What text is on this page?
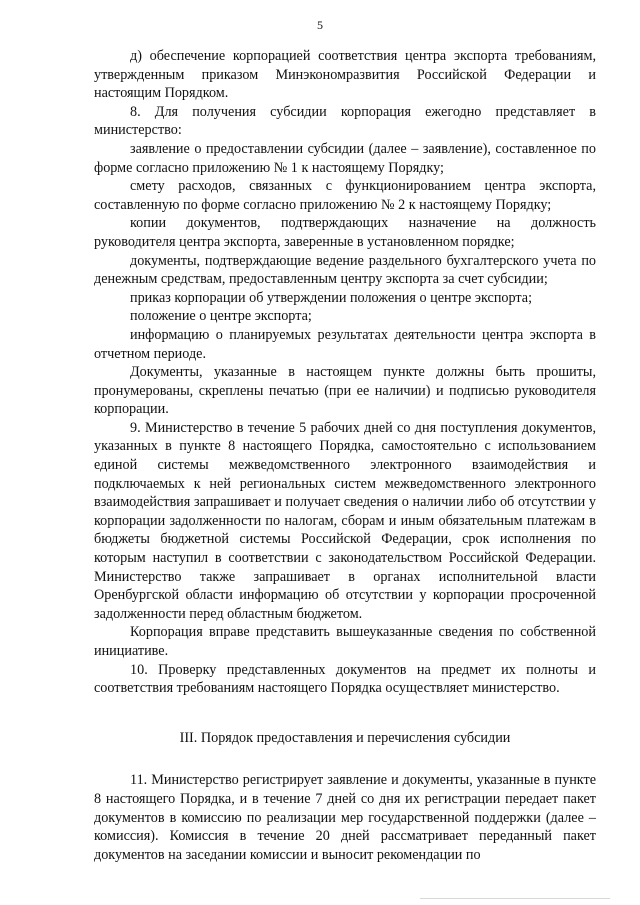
5

д) обеспечение корпорацией соответствия центра экспорта требованиям, утвержденным приказом Минэкономразвития Российской Федерации и настоящим Порядком.

8. Для получения субсидии корпорация ежегодно представляет в министерство:

заявление о предоставлении субсидии (далее – заявление), составленное по форме согласно приложению № 1 к настоящему Порядку;

смету расходов, связанных с функционированием центра экспорта, составленную по форме согласно приложению № 2 к настоящему Порядку;

копии документов, подтверждающих назначение на должность руководителя центра экспорта, заверенные в установленном порядке;

документы, подтверждающие ведение раздельного бухгалтерского учета по денежным средствам, предоставленным центру экспорта за счет субсидии;

приказ корпорации об утверждении положения о центре экспорта;

положение о центре экспорта;

информацию о планируемых результатах деятельности центра экспорта в отчетном периоде.

Документы, указанные в настоящем пункте должны быть прошиты, пронумерованы, скреплены печатью (при ее наличии) и подписью руководителя корпорации.

9. Министерство в течение 5 рабочих дней со дня поступления документов, указанных в пункте 8 настоящего Порядка, самостоятельно с использованием единой системы межведомственного электронного взаимодействия и подключаемых к ней региональных систем межведомственного электронного взаимодействия запрашивает и получает сведения о наличии либо об отсутствии у корпорации задолженности по налогам, сборам и иным обязательным платежам в бюджеты бюджетной системы Российской Федерации, срок исполнения по которым наступил в соответствии с законодательством Российской Федерации. Министерство также запрашивает в органах исполнительной власти Оренбургской области информацию об отсутствии у корпорации просроченной задолженности перед областным бюджетом.

Корпорация вправе представить вышеуказанные сведения по собственной инициативе.

10. Проверку представленных документов на предмет их полноты и соответствия требованиям настоящего Порядка осуществляет министерство.

III. Порядок предоставления и перечисления субсидии

11. Министерство регистрирует заявление и документы, указанные в пункте 8 настоящего Порядка, и в течение 7 дней со дня их регистрации передает пакет документов в комиссию по реализации мер государственной поддержки (далее – комиссия). Комиссия в течение 20 дней рассматривает переданный пакет документов на заседании комиссии и выносит рекомендации по
